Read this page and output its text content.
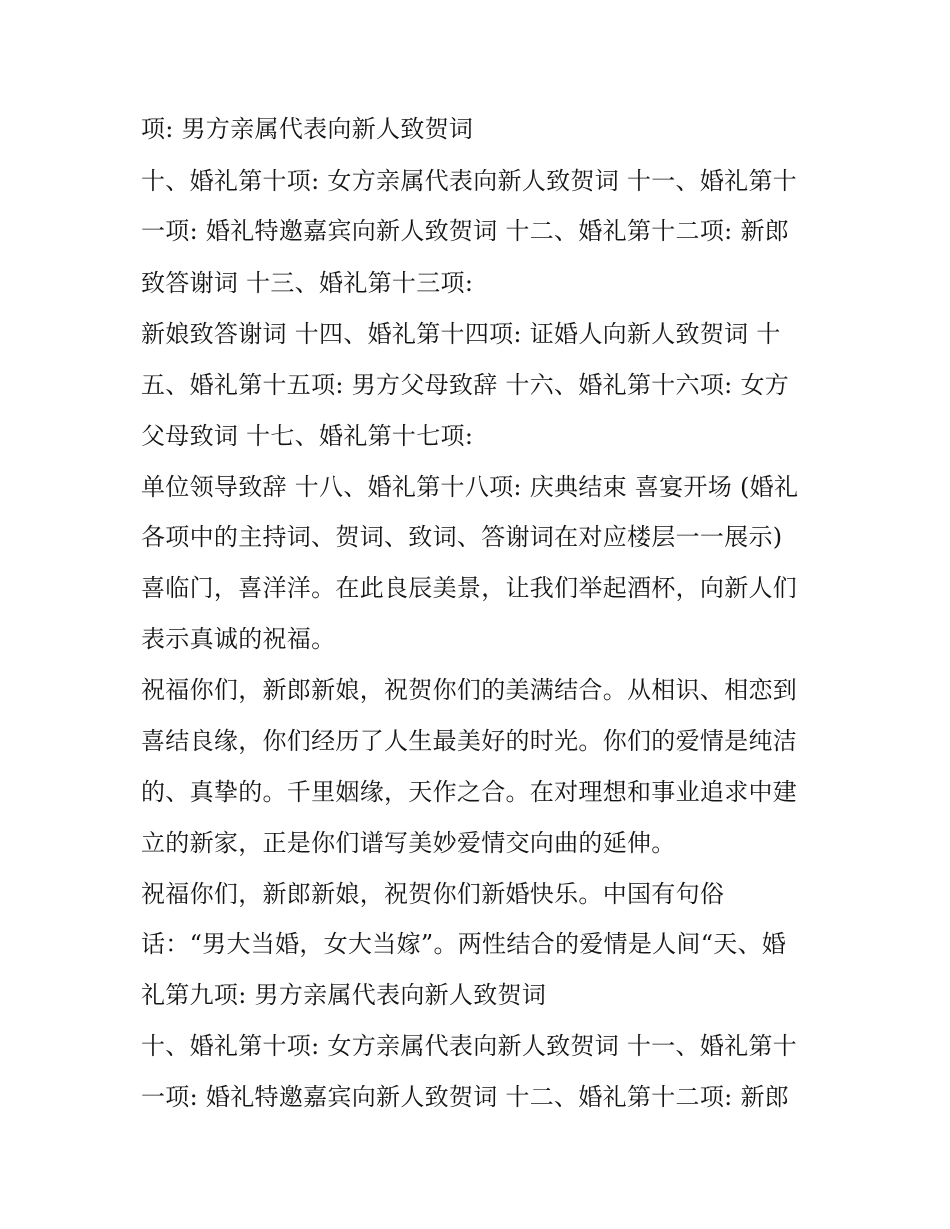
项: 男方亲属代表向新人致贺词

十、婚礼第十项: 女方亲属代表向新人致贺词 十一、婚礼第十

一项: 婚礼特邀嘉宾向新人致贺词 十二、婚礼第十二项: 新郎

致答谢词 十三、婚礼第十三项:

新娘致答谢词 十四、婚礼第十四项: 证婚人向新人致贺词 十

五、婚礼第十五项: 男方父母致辞 十六、婚礼第十六项: 女方

父母致词 十七、婚礼第十七项:

单位领导致辞 十八、婚礼第十八项: 庆典结束 喜宴开场 (婚礼

各项中的主持词、贺词、致词、答谢词在对应楼层一一展示)

喜临门，喜洋洋。在此良辰美景，让我们举起酒杯，向新人们

表示真诚的祝福。

祝福你们，新郎新娘，祝贺你们的美满结合。从相识、相恋到

喜结良缘，你们经历了人生最美好的时光。你们的爱情是纯洁

的、真挚的。千里姻缘，天作之合。在对理想和事业追求中建

立的新家，正是你们谱写美妙爱情交向曲的延伸。

祝福你们，新郎新娘，祝贺你们新婚快乐。中国有句俗

话：“男大当婚，女大当嫁”。两性结合的爱情是人间“天、婚

礼第九项: 男方亲属代表向新人致贺词

十、婚礼第十项: 女方亲属代表向新人致贺词 十一、婚礼第十

一项: 婚礼特邀嘉宾向新人致贺词 十二、婚礼第十二项: 新郎
